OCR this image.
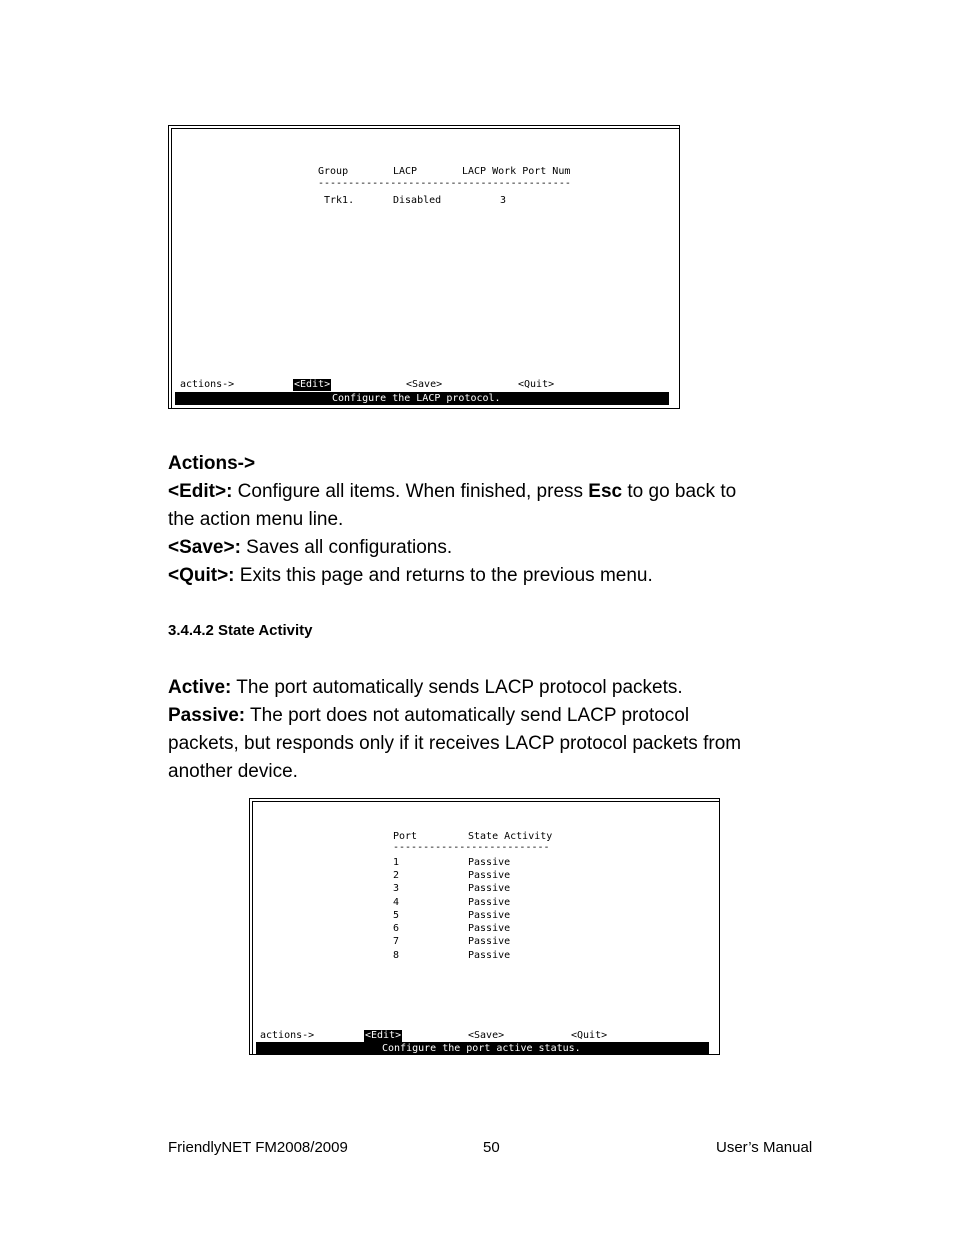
Group	LACP	LACP Work Port Num
------------------------------------------
Trk1.	Disabled	3
actions->	<Edit>	<Save>	<Quit>

Configure the LACP protocol.

Actions->
<Edit>: Configure all items. When finished, press Esc to go back to
the action menu line.
<Save>: Saves all configurations.
<Quit>: Exits this page and returns to the previous menu.
3.4.4.2 State Activity
Active: The port automatically sends LACP protocol packets.
Passive: The port does not automatically send LACP protocol
packets, but responds only if it receives LACP protocol packets from
another device.
Port	State Activity
--------------------------
1	Passive
2	Passive
3	Passive
4	Passive
5	Passive
6	Passive
7	Passive
8	Passive
actions->	<Edit>	<Save>	<Quit>

Configure the port active status.

FriendlyNET FM2008/2009	50	User’s Manual
